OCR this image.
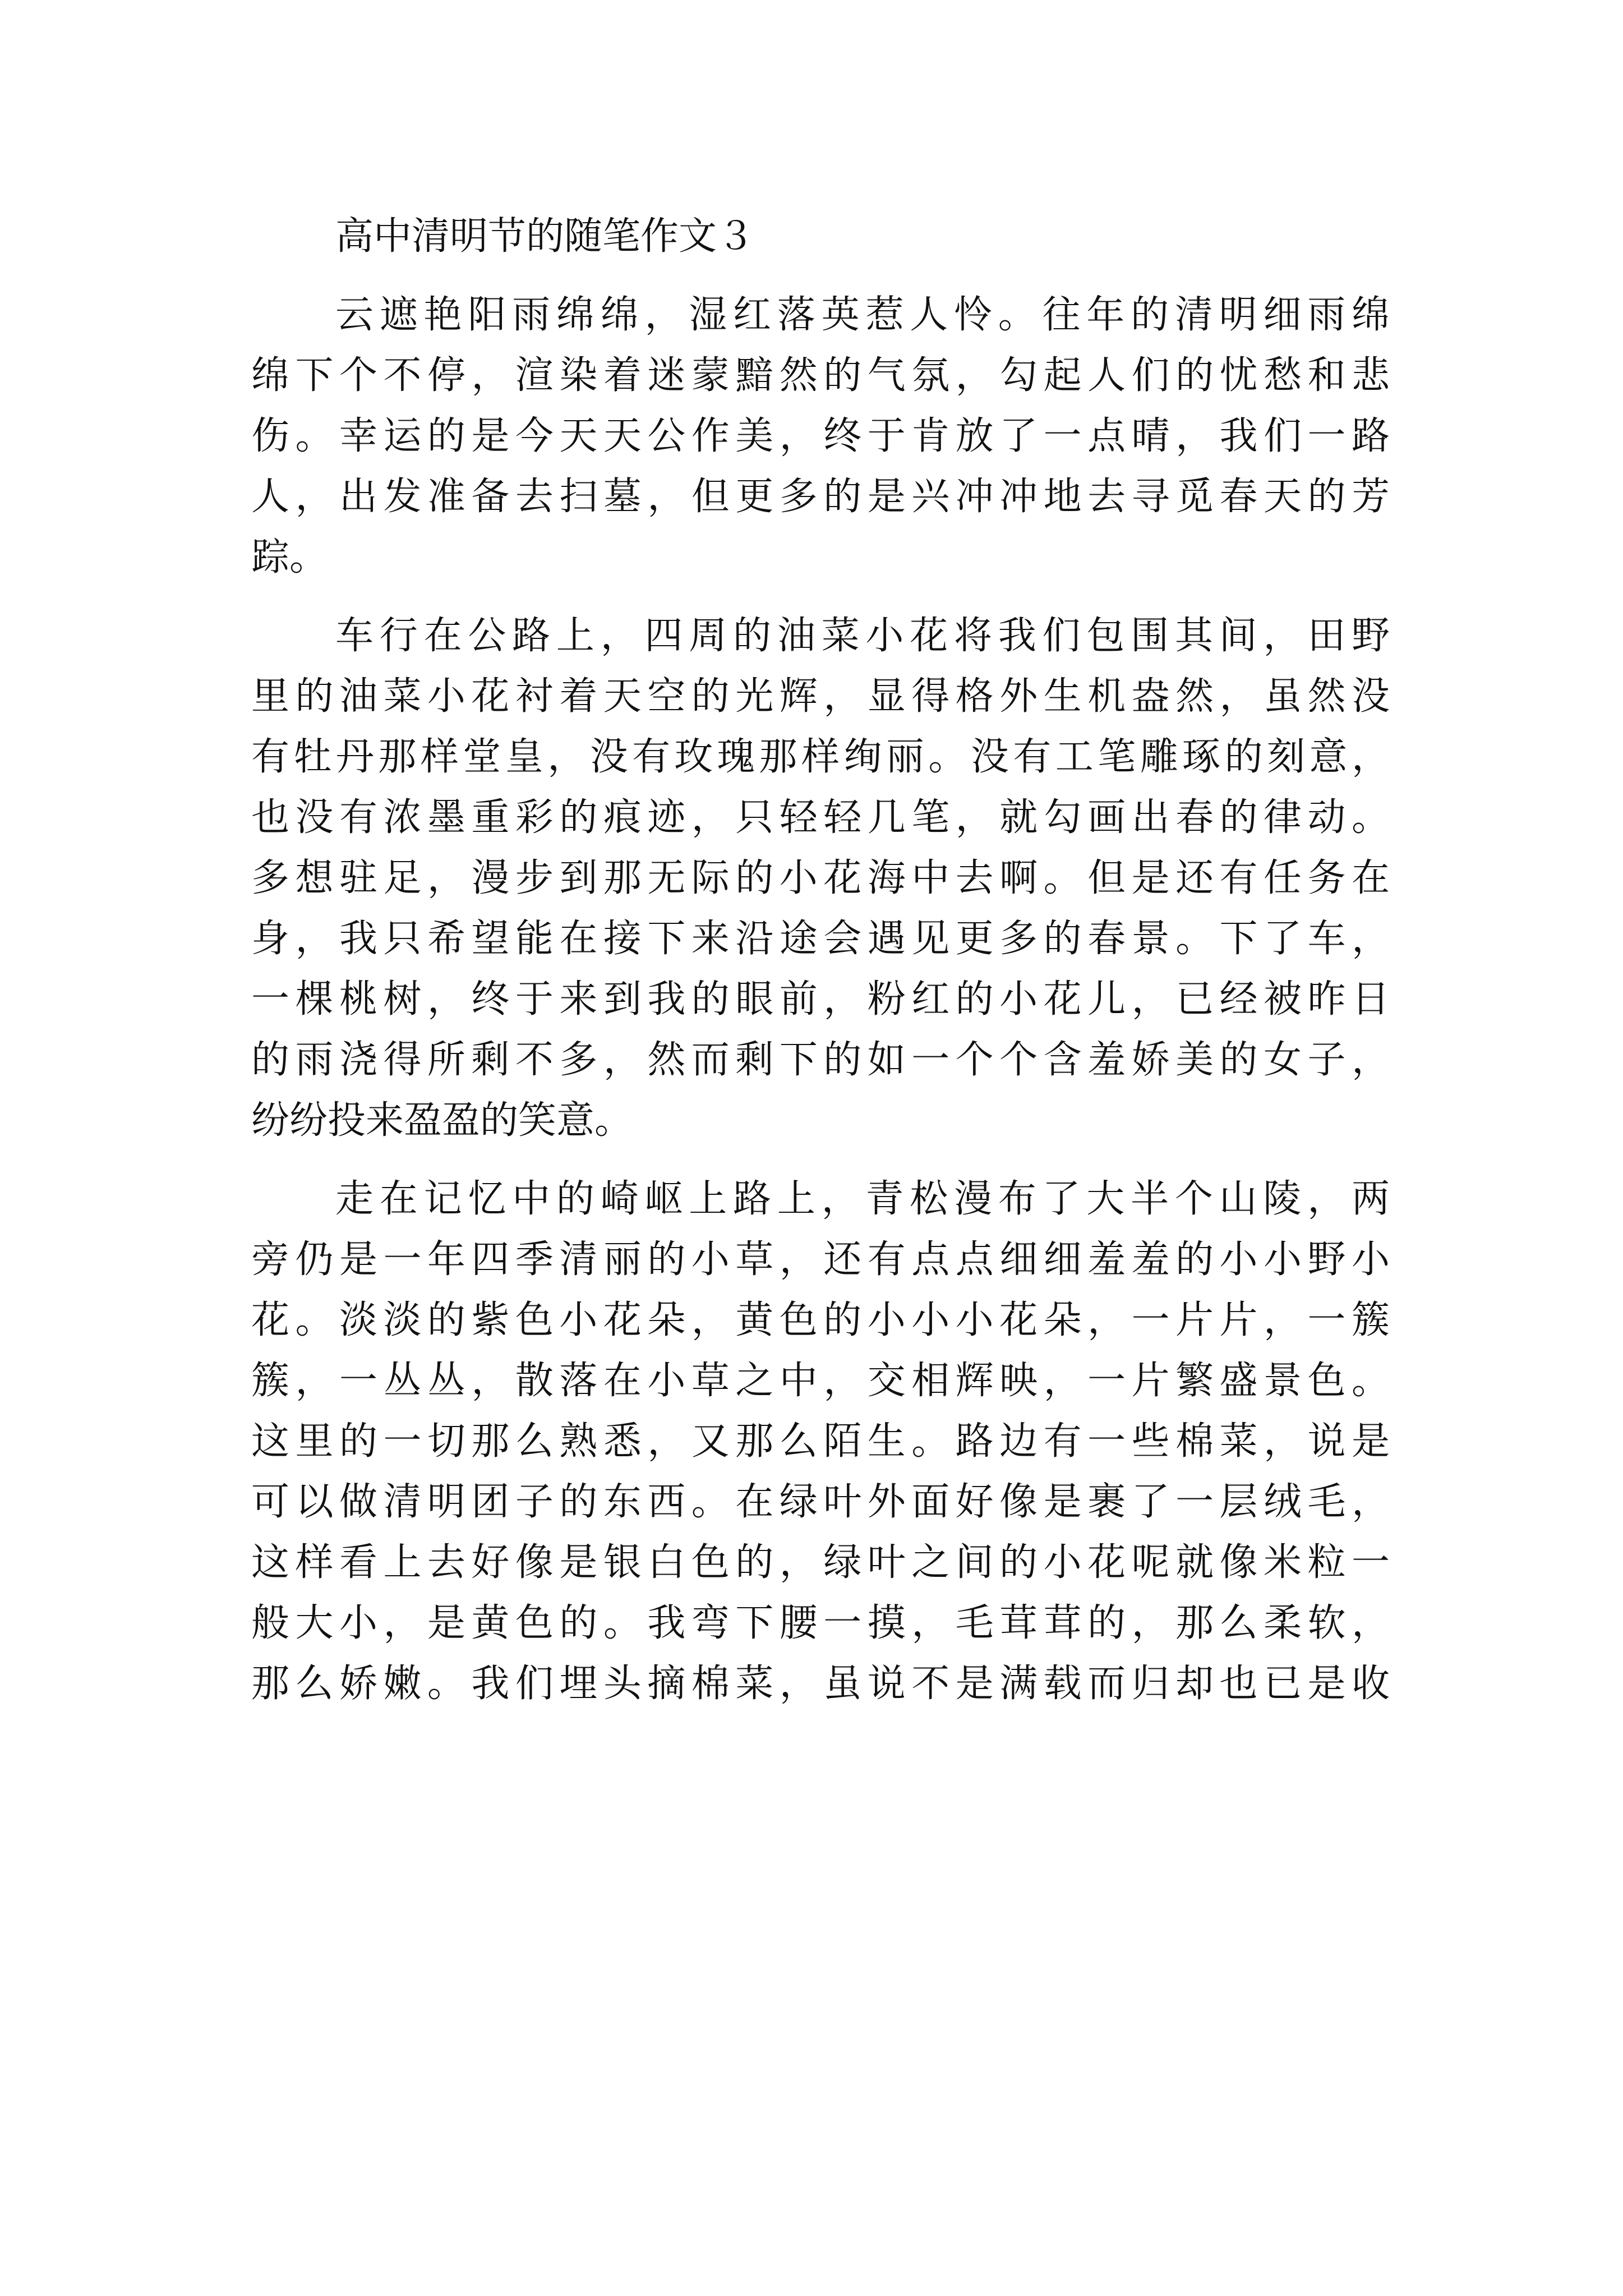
高中清明节的随笔作文３
云遮艳阳雨绵绵，湿红落英惹人怜。往年的清明细雨绵
绵下个不停，渲染着迷蒙黯然的气氛，勾起人们的忧愁和悲
伤。幸运的是今天天公作美，终于肯放了一点晴，我们一路
人，出发准备去扫墓，但更多的是兴冲冲地去寻觅春天的芳
踪。
车行在公路上，四周的油菜小花将我们包围其间，田野
里的油菜小花衬着天空的光辉，显得格外生机盎然，虽然没
有牡丹那样堂皇，没有玫瑰那样绚丽。没有工笔雕琢的刻意，
也没有浓墨重彩的痕迹，只轻轻几笔，就勾画出春的律动。
多想驻足，漫步到那无际的小花海中去啊。但是还有任务在
身，我只希望能在接下来沿途会遇见更多的春景。下了车，
一棵桃树，终于来到我的眼前，粉红的小花儿，已经被昨日
的雨浇得所剩不多，然而剩下的如一个个含羞娇美的女子，
纷纷投来盈盈的笑意。
走在记忆中的崎岖上路上，青松漫布了大半个山陵，两
旁仍是一年四季清丽的小草，还有点点细细羞羞的小小野小
花。淡淡的紫色小花朵，黄色的小小小花朵，一片片，一簇
簇，一丛丛，散落在小草之中，交相辉映，一片繁盛景色。
这里的一切那么熟悉，又那么陌生。路边有一些棉菜，说是
可以做清明团子的东西。在绿叶外面好像是裹了一层绒毛，
这样看上去好像是银白色的，绿叶之间的小花呢就像米粒一
般大小，是黄色的。我弯下腰一摸，毛茸茸的，那么柔软，
那么娇嫩。我们埋头摘棉菜，虽说不是满载而归却也已是收
